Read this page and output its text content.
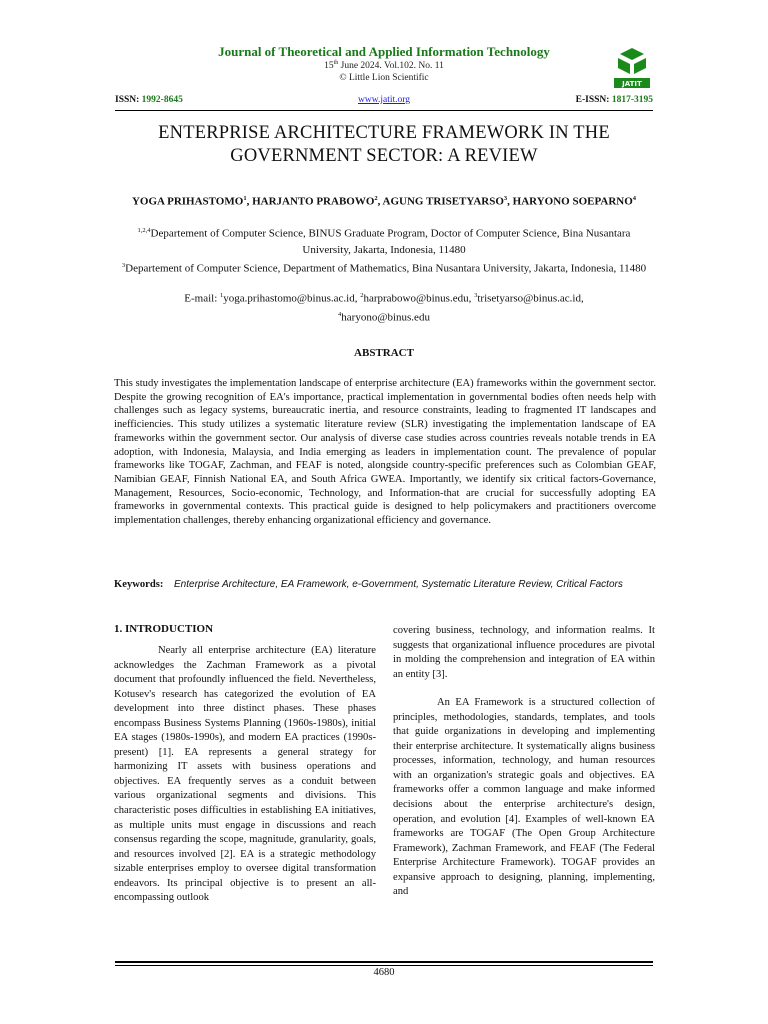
Journal of Theoretical and Applied Information Technology
15th June 2024. Vol.102. No. 11
© Little Lion Scientific
JATIT
ISSN: 1992-8645	www.jatit.org	E-ISSN: 1817-3195
ENTERPRISE ARCHITECTURE FRAMEWORK IN THE
GOVERNMENT SECTOR: A REVIEW
YOGA PRIHASTOMO$^1$, HARJANTO PRABOWO$^2$, AGUNG TRISETYARSO$^3$, HARYONO SOEPARNO$^4$
$^{1,2,4}$Departement of Computer Science, BINUS Graduate Program, Doctor of Computer Science, Bina Nusantara University, Jakarta, Indonesia, 11480
$^3$Departement of Computer Science, Department of Mathematics, Bina Nusantara University, Jakarta, Indonesia, 11480
E-mail: $^1$yoga.prihastomo@binus.ac.id, $^2$harprabowo@binus.edu, $^3$trisetyarso@binus.ac.id,
$^4$haryono@binus.edu
ABSTRACT
This study investigates the implementation landscape of enterprise architecture (EA) frameworks within the government sector. Despite the growing recognition of EA's importance, practical implementation in governmental bodies often needs help with challenges such as legacy systems, bureaucratic inertia, and resource constraints, leading to fragmented IT landscapes and inefficiencies. This study utilizes a systematic literature review (SLR) investigating the implementation landscape of EA frameworks within the government sector. Our analysis of diverse case studies across countries reveals notable trends in EA adoption, with Indonesia, Malaysia, and India emerging as leaders in implementation count. The prevalence of popular frameworks like TOGAF, Zachman, and FEAF is noted, alongside country-specific preferences such as Colombian GEAF, Namibian GEAF, Finnish National EA, and South Africa GWEA. Importantly, we identify six critical factors-Governance, Management, Resources, Socio-economic, Technology, and Information-that are crucial for successfully adopting EA frameworks in governmental contexts. This practical guide is designed to help policymakers and practitioners overcome implementation challenges, thereby enhancing organizational efficiency and governance.
Keywords: Enterprise Architecture, EA Framework, e-Government, Systematic Literature Review, Critical Factors
1. INTRODUCTION

Nearly all enterprise architecture (EA) literature acknowledges the Zachman Framework as a pivotal document that profoundly influenced the field. Nevertheless, Kotusev's research has categorized the evolution of EA development into three distinct phases. These phases encompass Business Systems Planning (1960s-1980s), initial EA stages (1980s-1990s), and modern EA practices (1990s-present) [1]. EA represents a general strategy for harmonizing IT assets with business operations and objectives. EA frequently serves as a conduit between various organizational segments and divisions. This characteristic poses difficulties in establishing EA initiatives, as multiple units must engage in discussions and reach consensus regarding the scope, magnitude, granularity, goals, and resources involved [2]. EA is a strategic methodology sizable enterprises employ to oversee digital transformation endeavors. Its principal objective is to present an all-encompassing outlook

covering business, technology, and information realms. It suggests that organizational influence procedures are pivotal in molding the comprehension and integration of EA within an entity [3].

An EA Framework is a structured collection of principles, methodologies, standards, templates, and tools that guide organizations in developing and implementing their enterprise architecture. It systematically aligns business processes, information, technology, and human resources with an organization's strategic goals and objectives. EA frameworks offer a common language and make informed decisions about the enterprise architecture's design, operation, and evolution [4]. Examples of well-known EA frameworks are TOGAF (The Open Group Architecture Framework), Zachman Framework, and FEAF (The Federal Enterprise Architecture Framework). TOGAF provides an expansive approach to designing, planning, implementing, and

4680
